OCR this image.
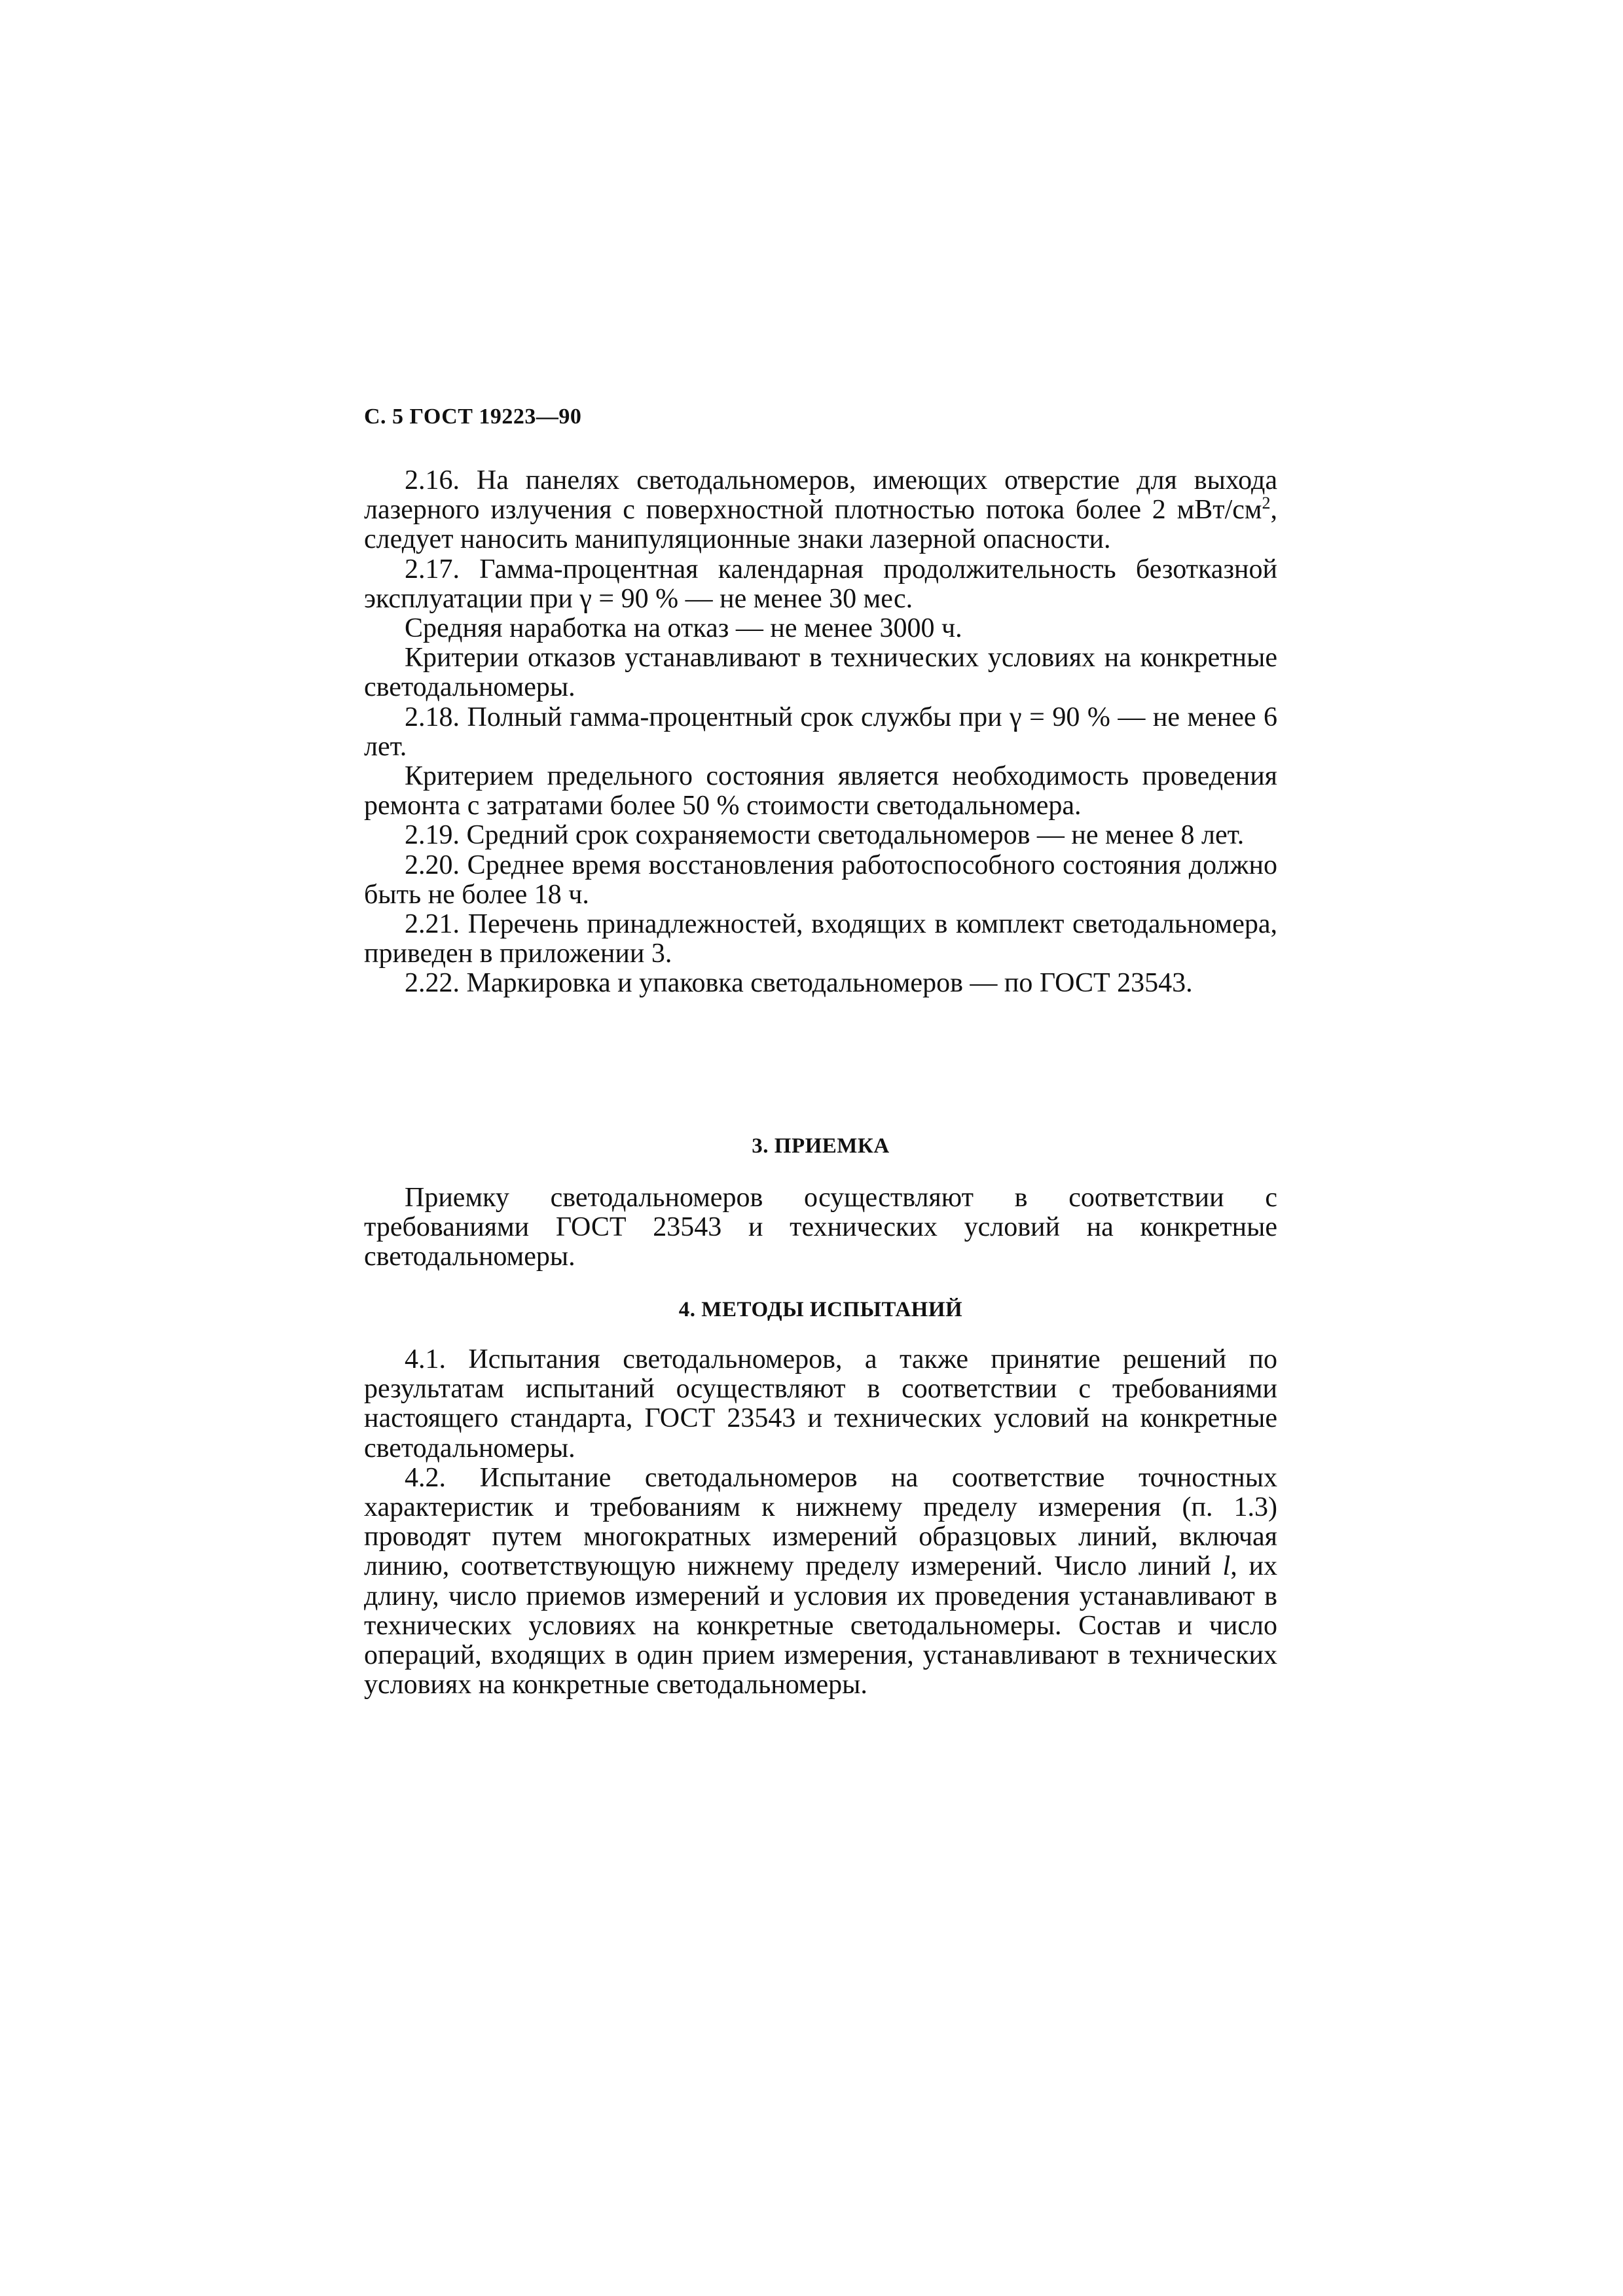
С. 5 ГОСТ 19223—90

2.16. На панелях светодальномеров, имеющих отверстие для выхода лазерного излучения с поверхностной плотностью потока более 2 мВт/$см^2$, следует наносить манипуляционные знаки лазерной опасности.

2.17. Гамма-процентная календарная продолжительность безотказной эксплуатации при γ = 90 % — не менее 30 мес.

Средняя наработка на отказ — не менее 3000 ч.

Критерии отказов устанавливают в технических условиях на конкретные светодальномеры.

2.18. Полный гамма-процентный срок службы при γ = 90 % — не менее 6 лет.

Критерием предельного состояния является необходимость проведения ремонта с затратами более 50 % стоимости светодальномера.

2.19. Средний срок сохраняемости светодальномеров — не менее 8 лет.

2.20. Среднее время восстановления работоспособного состояния должно быть не более 18 ч.

2.21. Перечень принадлежностей, входящих в комплект светодальномера, приведен в приложении 3.

2.22. Маркировка и упаковка светодальномеров — по ГОСТ 23543.

3. ПРИЕМКА

Приемку светодальномеров осуществляют в соответствии с требованиями ГОСТ 23543 и технических условий на конкретные светодальномеры.

4. МЕТОДЫ ИСПЫТАНИЙ

4.1. Испытания светодальномеров, а также принятие решений по результатам испытаний осуществляют в соответствии с требованиями настоящего стандарта, ГОСТ 23543 и технических условий на конкретные светодальномеры.

4.2. Испытание светодальномеров на соответствие точностных характеристик и требованиям к нижнему пределу измерения (п. 1.3) проводят путем многократных измерений образцовых линий, включая линию, соответствующую нижнему пределу измерений. Число линий l, их длину, число приемов измерений и условия их проведения устанавливают в технических условиях на конкретные светодальномеры. Состав и число операций, входящих в один прием измерения, устанавливают в технических условиях на конкретные светодальномеры.
